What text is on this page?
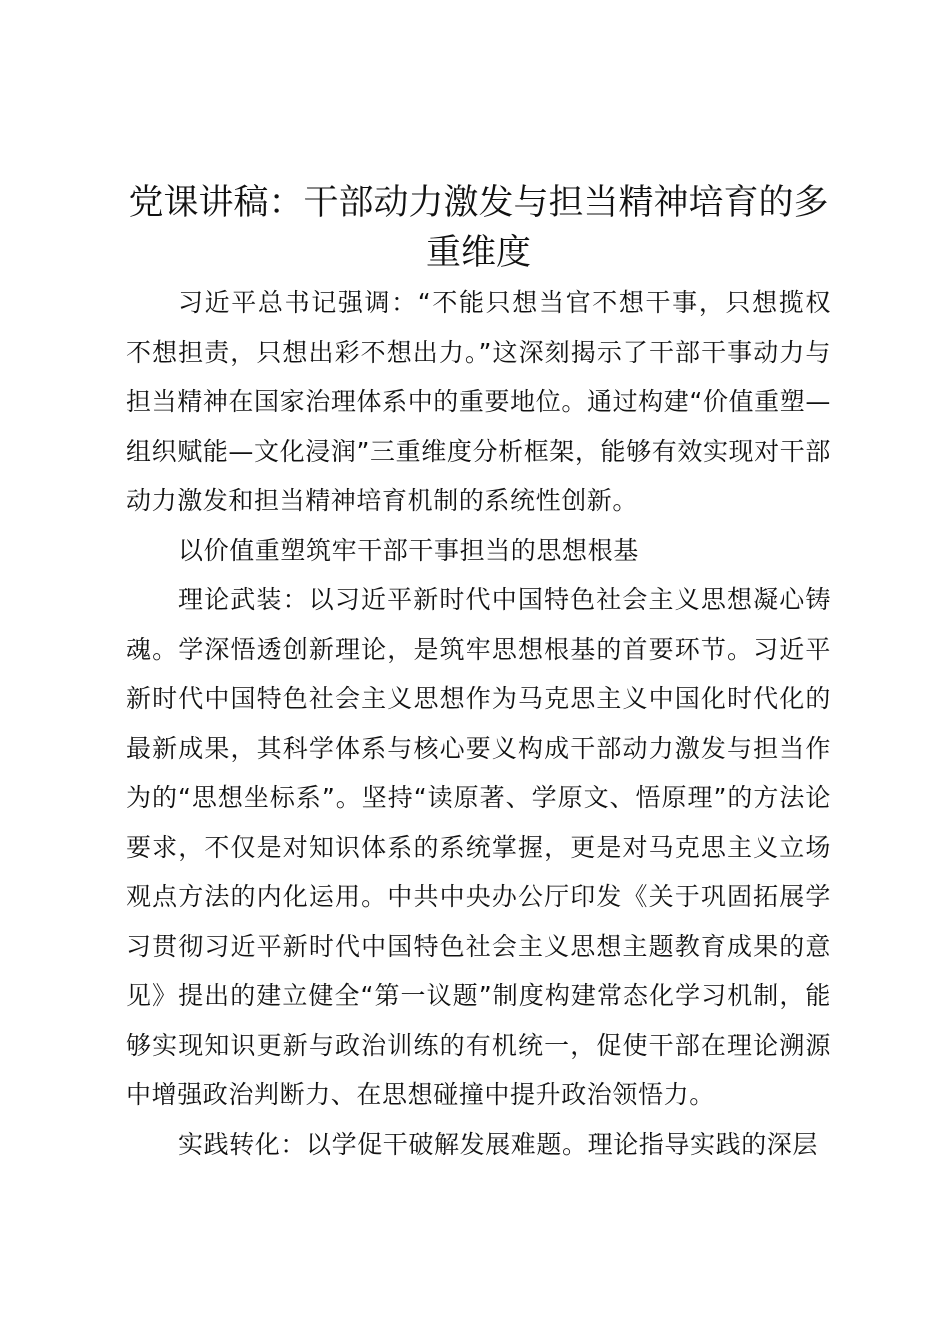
党课讲稿：干部动力激发与担当精神培育的多重维度

习近平总书记强调：“不能只想当官不想干事，只想揽权不想担责，只想出彩不想出力。”这深刻揭示了干部干事动力与担当精神在国家治理体系中的重要地位。通过构建“价值重塑—组织赋能—文化浸润”三重维度分析框架，能够有效实现对干部动力激发和担当精神培育机制的系统性创新。

以价值重塑筑牢干部干事担当的思想根基

理论武装：以习近平新时代中国特色社会主义思想凝心铸魂。学深悟透创新理论，是筑牢思想根基的首要环节。习近平新时代中国特色社会主义思想作为马克思主义中国化时代化的最新成果，其科学体系与核心要义构成干部动力激发与担当作为的“思想坐标系”。坚持“读原著、学原文、悟原理”的方法论要求，不仅是对知识体系的系统掌握，更是对马克思主义立场观点方法的内化运用。中共中央办公厅印发《关于巩固拓展学习贯彻习近平新时代中国特色社会主义思想主题教育成果的意见》提出的建立健全“第一议题”制度构建常态化学习机制，能够实现知识更新与政治训练的有机统一，促使干部在理论溯源中增强政治判断力、在思想碰撞中提升政治领悟力。

实践转化：以学促干破解发展难题。理论指导实践的深层
